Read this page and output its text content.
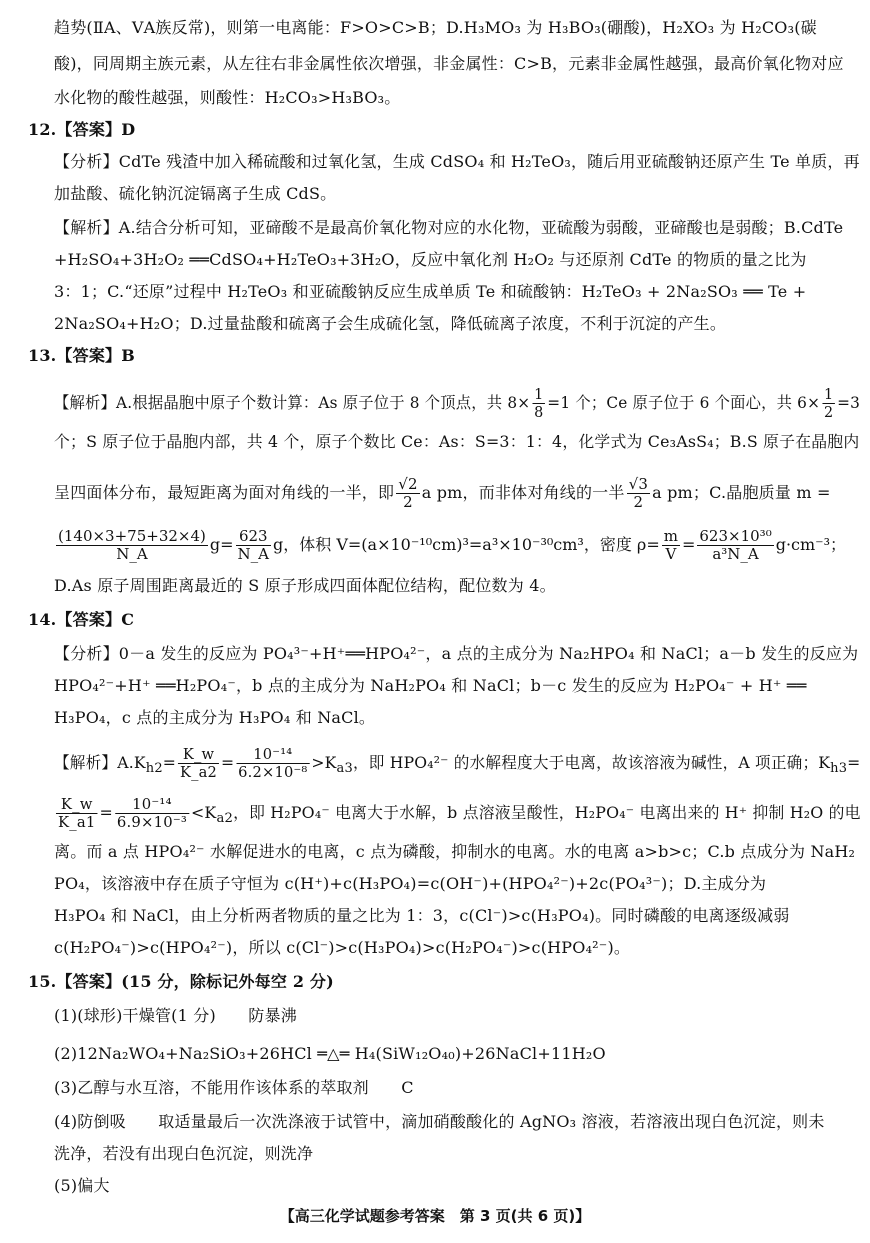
趋势(ⅡA、ⅤA族反常)，则第一电离能：F>O>C>B；D.H₃MO₃ 为 H₃BO₃(硼酸)，H₂XO₃ 为 H₂CO₃(碳
酸)，同周期主族元素，从左往右非金属性依次增强，非金属性：C>B，元素非金属性越强，最高价氧化物对应
水化物的酸性越强，则酸性：H₂CO₃>H₃BO₃。
12.【答案】D
【分析】CdTe 残渣中加入稀硫酸和过氧化氢，生成 CdSO₄ 和 H₂TeO₃，随后用亚硫酸钠还原产生 Te 单质，再
加盐酸、硫化钠沉淀镉离子生成 CdS。
【解析】A.结合分析可知，亚碲酸不是最高价氧化物对应的水化物，亚硫酸为弱酸，亚碲酸也是弱酸；B.CdTe
+H₂SO₄+3H₂O₂ ══CdSO₄+H₂TeO₃+3H₂O，反应中氧化剂 H₂O₂ 与还原剂 CdTe 的物质的量之比为
3：1；C.“还原”过程中 H₂TeO₃ 和亚硫酸钠反应生成单质 Te 和硫酸钠：H₂TeO₃ + 2Na₂SO₃ ══ Te +
2Na₂SO₄+H₂O；D.过量盐酸和硫离子会生成硫化氢，降低硫离子浓度，不利于沉淀的产生。
13.【答案】B
【解析】A.根据晶胞中原子个数计算：As 原子位于 8 个顶点，共 $8\times \frac{1}{8} =1$ 个；Ce 原子位于 6 个面心，共 $6\times \frac{1}{2} =3$
个；S 原子位于晶胞内部，共 4 个，原子个数比 Ce：As：S=3：1：4，化学式为 Ce₃AsS₄；B.S 原子在晶胞内
呈四面体分布，最短距离为面对角线的一半，即 $\frac{√2}{2}$ a pm，而非体对角线的一半 $\frac{√3}{2}$ a pm；C.晶胞质量 m =
$\frac{(140\times 3+75+32\times 4)}{N\_A} g= \frac{623}{N\_A}$ g，体积 V=(a×10⁻¹⁰cm)³=a³×10⁻³⁰cm³，密度 $\rho= \frac{m}{V} = \frac{\text{623×10³⁰}}{\text{a³N\_A}} g\cdot cm^{-3}$；
D.As 原子周围距离最近的 S 原子形成四面体配位结构，配位数为 4。
14.【答案】C
【分析】0－a 发生的反应为 PO₄³⁻+H⁺══HPO₄²⁻，a 点的主成分为 Na₂HPO₄ 和 NaCl；a－b 发生的反应为
HPO₄²⁻+H⁺ ══H₂PO₄⁻，b 点的主成分为 NaH₂PO₄ 和 NaCl；b－c 发生的反应为 H₂PO₄⁻ + H⁺ ══
H₃PO₄，c 点的主成分为 H₃PO₄ 和 NaCl。
【解析】$A.K_{h2}= \frac{K\_w}{K\_a2} = \frac{\text{10⁻¹⁴}}{\text{6.2×10⁻⁸}} >K_{a3}$，即 HPO₄²⁻ 的水解程度大于电离，故该溶液为碱性，A 项正确；$K_{h3}=$
$\frac{K\_w}{K\_a1} = \frac{\text{10⁻¹⁴}}{\text{6.9×10⁻³}} <K_{a2}$，即 H₂PO₄⁻ 电离大于水解，b 点溶液呈酸性，H₂PO₄⁻ 电离出来的 H⁺ 抑制 H₂O 的电
离。而 a 点 HPO₄²⁻ 水解促进水的电离，c 点为磷酸，抑制水的电离。水的电离 a>b>c；C.b 点成分为 NaH₂
PO₄，该溶液中存在质子守恒为 c(H⁺)+c(H₃PO₄)=c(OH⁻)+(HPO₄²⁻)+2c(PO₄³⁻)；D.主成分为
H₃PO₄ 和 NaCl，由上分析两者物质的量之比为 1：3，c(Cl⁻)>c(H₃PO₄)。同时磷酸的电离逐级减弱
c(H₂PO₄⁻)>c(HPO₄²⁻)，所以 c(Cl⁻)>c(H₃PO₄)>c(H₂PO₄⁻)>c(HPO₄²⁻)。
15.【答案】(15 分，除标记外每空 2 分)
(1)(球形)干燥管(1 分)　　防暴沸
(2)12Na₂WO₄+Na₂SiO₃+26HCl ═△═ H₄(SiW₁₂O₄₀)+26NaCl+11H₂O
(3)乙醇与水互溶，不能用作该体系的萃取剂　　C
(4)防倒吸　　取适量最后一次洗涤液于试管中，滴加硝酸酸化的 AgNO₃ 溶液，若溶液出现白色沉淀，则未
洗净，若没有出现白色沉淀，则洗净
(5)偏大
【高三化学试题参考答案　第 3 页(共 6 页)】
